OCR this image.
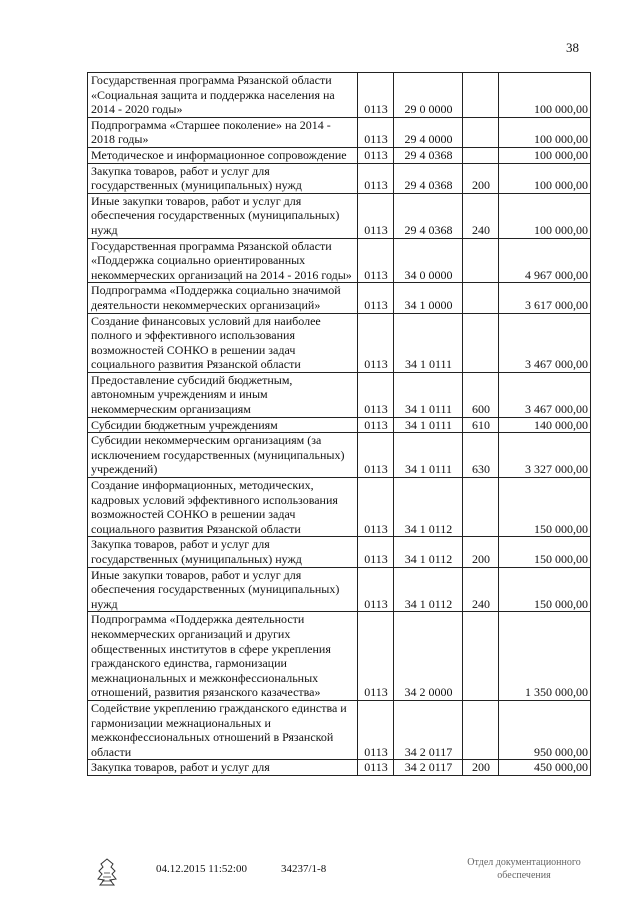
38
Государственная программа Рязанской области «Социальная защита и поддержка населения на 2014 - 2020 годы»	0113	29 0 0000		100 000,00
Подпрограмма «Старшее поколение» на 2014 - 2018 годы»	0113	29 4 0000		100 000,00
Методическое и информационное сопровождение	0113	29 4 0368		100 000,00
Закупка товаров, работ и услуг для государственных (муниципальных) нужд	0113	29 4 0368	200	100 000,00
Иные закупки товаров, работ и услуг для обеспечения государственных (муниципальных) нужд	0113	29 4 0368	240	100 000,00
Государственная программа Рязанской области «Поддержка социально ориентированных некоммерческих организаций на 2014 - 2016 годы»	0113	34 0 0000		4 967 000,00
Подпрограмма «Поддержка социально значимой деятельности некоммерческих организаций»	0113	34 1 0000		3 617 000,00
Создание финансовых условий для наиболее полного и эффективного использования возможностей СОНКО в решении задач социального развития Рязанской области	0113	34 1 0111		3 467 000,00
Предоставление субсидий бюджетным, автономным учреждениям и иным некоммерческим организациям	0113	34 1 0111	600	3 467 000,00
Субсидии бюджетным учреждениям	0113	34 1 0111	610	140 000,00
Субсидии некоммерческим организациям (за исключением государственных (муниципальных) учреждений)	0113	34 1 0111	630	3 327 000,00
Создание информационных, методических, кадровых условий эффективного использования возможностей СОНКО в решении задач социального развития Рязанской области	0113	34 1 0112		150 000,00
Закупка товаров, работ и услуг для государственных (муниципальных) нужд	0113	34 1 0112	200	150 000,00
Иные закупки товаров, работ и услуг для обеспечения государственных (муниципальных) нужд	0113	34 1 0112	240	150 000,00
Подпрограмма «Поддержка деятельности некоммерческих организаций и других общественных институтов в сфере укрепления гражданского единства, гармонизации межнациональных и межконфессиональных отношений, развития рязанского казачества»	0113	34 2 0000		1 350 000,00
Содействие укреплению гражданского единства и гармонизации межнациональных и межконфессиональных отношений в Рязанской области	0113	34 2 0117		950 000,00
Закупка товаров, работ и услуг для	0113	34 2 0117	200	450 000,00
04.12.2015 11:52:00	34237/1-8
Отдел документационного обеспечения
